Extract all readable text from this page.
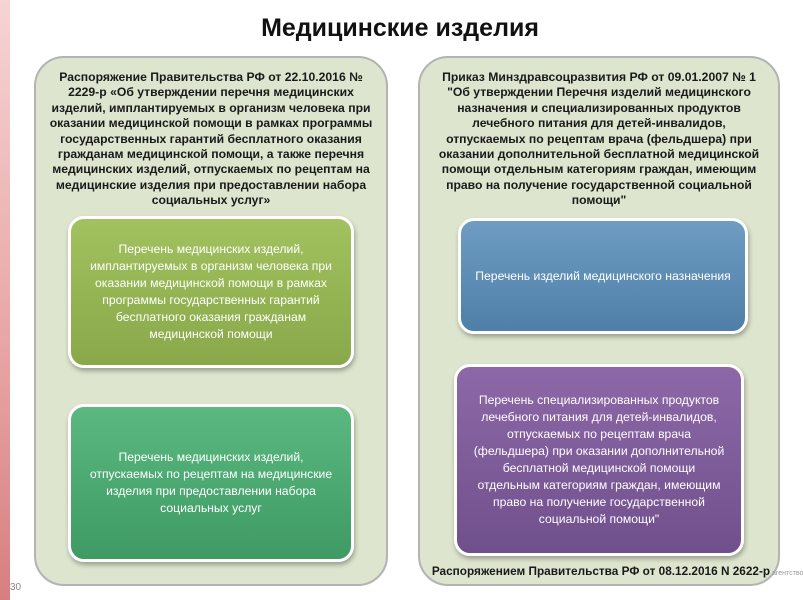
Медицинские изделия
Распоряжение Правительства РФ от 22.10.2016 № 2229-р «Об утверждении перечня медицинских изделий, имплантируемых в организм человека при оказании медицинской помощи в рамках программы государственных гарантий бесплатного оказания гражданам медицинской помощи, а также перечня медицинских изделий, отпускаемых по рецептам на медицинские изделия при предоставлении набора социальных услуг»
Перечень медицинских изделий, имплантируемых в организм человека при оказании медицинской помощи в рамках программы государственных гарантий бесплатного оказания гражданам медицинской помощи
Перечень медицинских изделий, отпускаемых по рецептам на медицинские изделия при предоставлении набора социальных услуг
Приказ Минздравсоцразвития РФ от 09.01.2007 № 1 "Об утверждении Перечня изделий медицинского назначения и специализированных продуктов лечебного питания для детей-инвалидов, отпускаемых по рецептам врача (фельдшера) при оказании дополнительной бесплатной медицинской помощи отдельным категориям граждан, имеющим право на получение государственной социальной помощи"
Перечень изделий медицинского назначения
Перечень специализированных продуктов лечебного питания для детей-инвалидов, отпускаемых по рецептам врача (фельдшера) при оказании дополнительной бесплатной медицинской помощи отдельным категориям граждан, имеющим право на получение государственной социальной помощи"
Распоряжением Правительства РФ от 08.12.2016 N 2622-р
30
агентство
